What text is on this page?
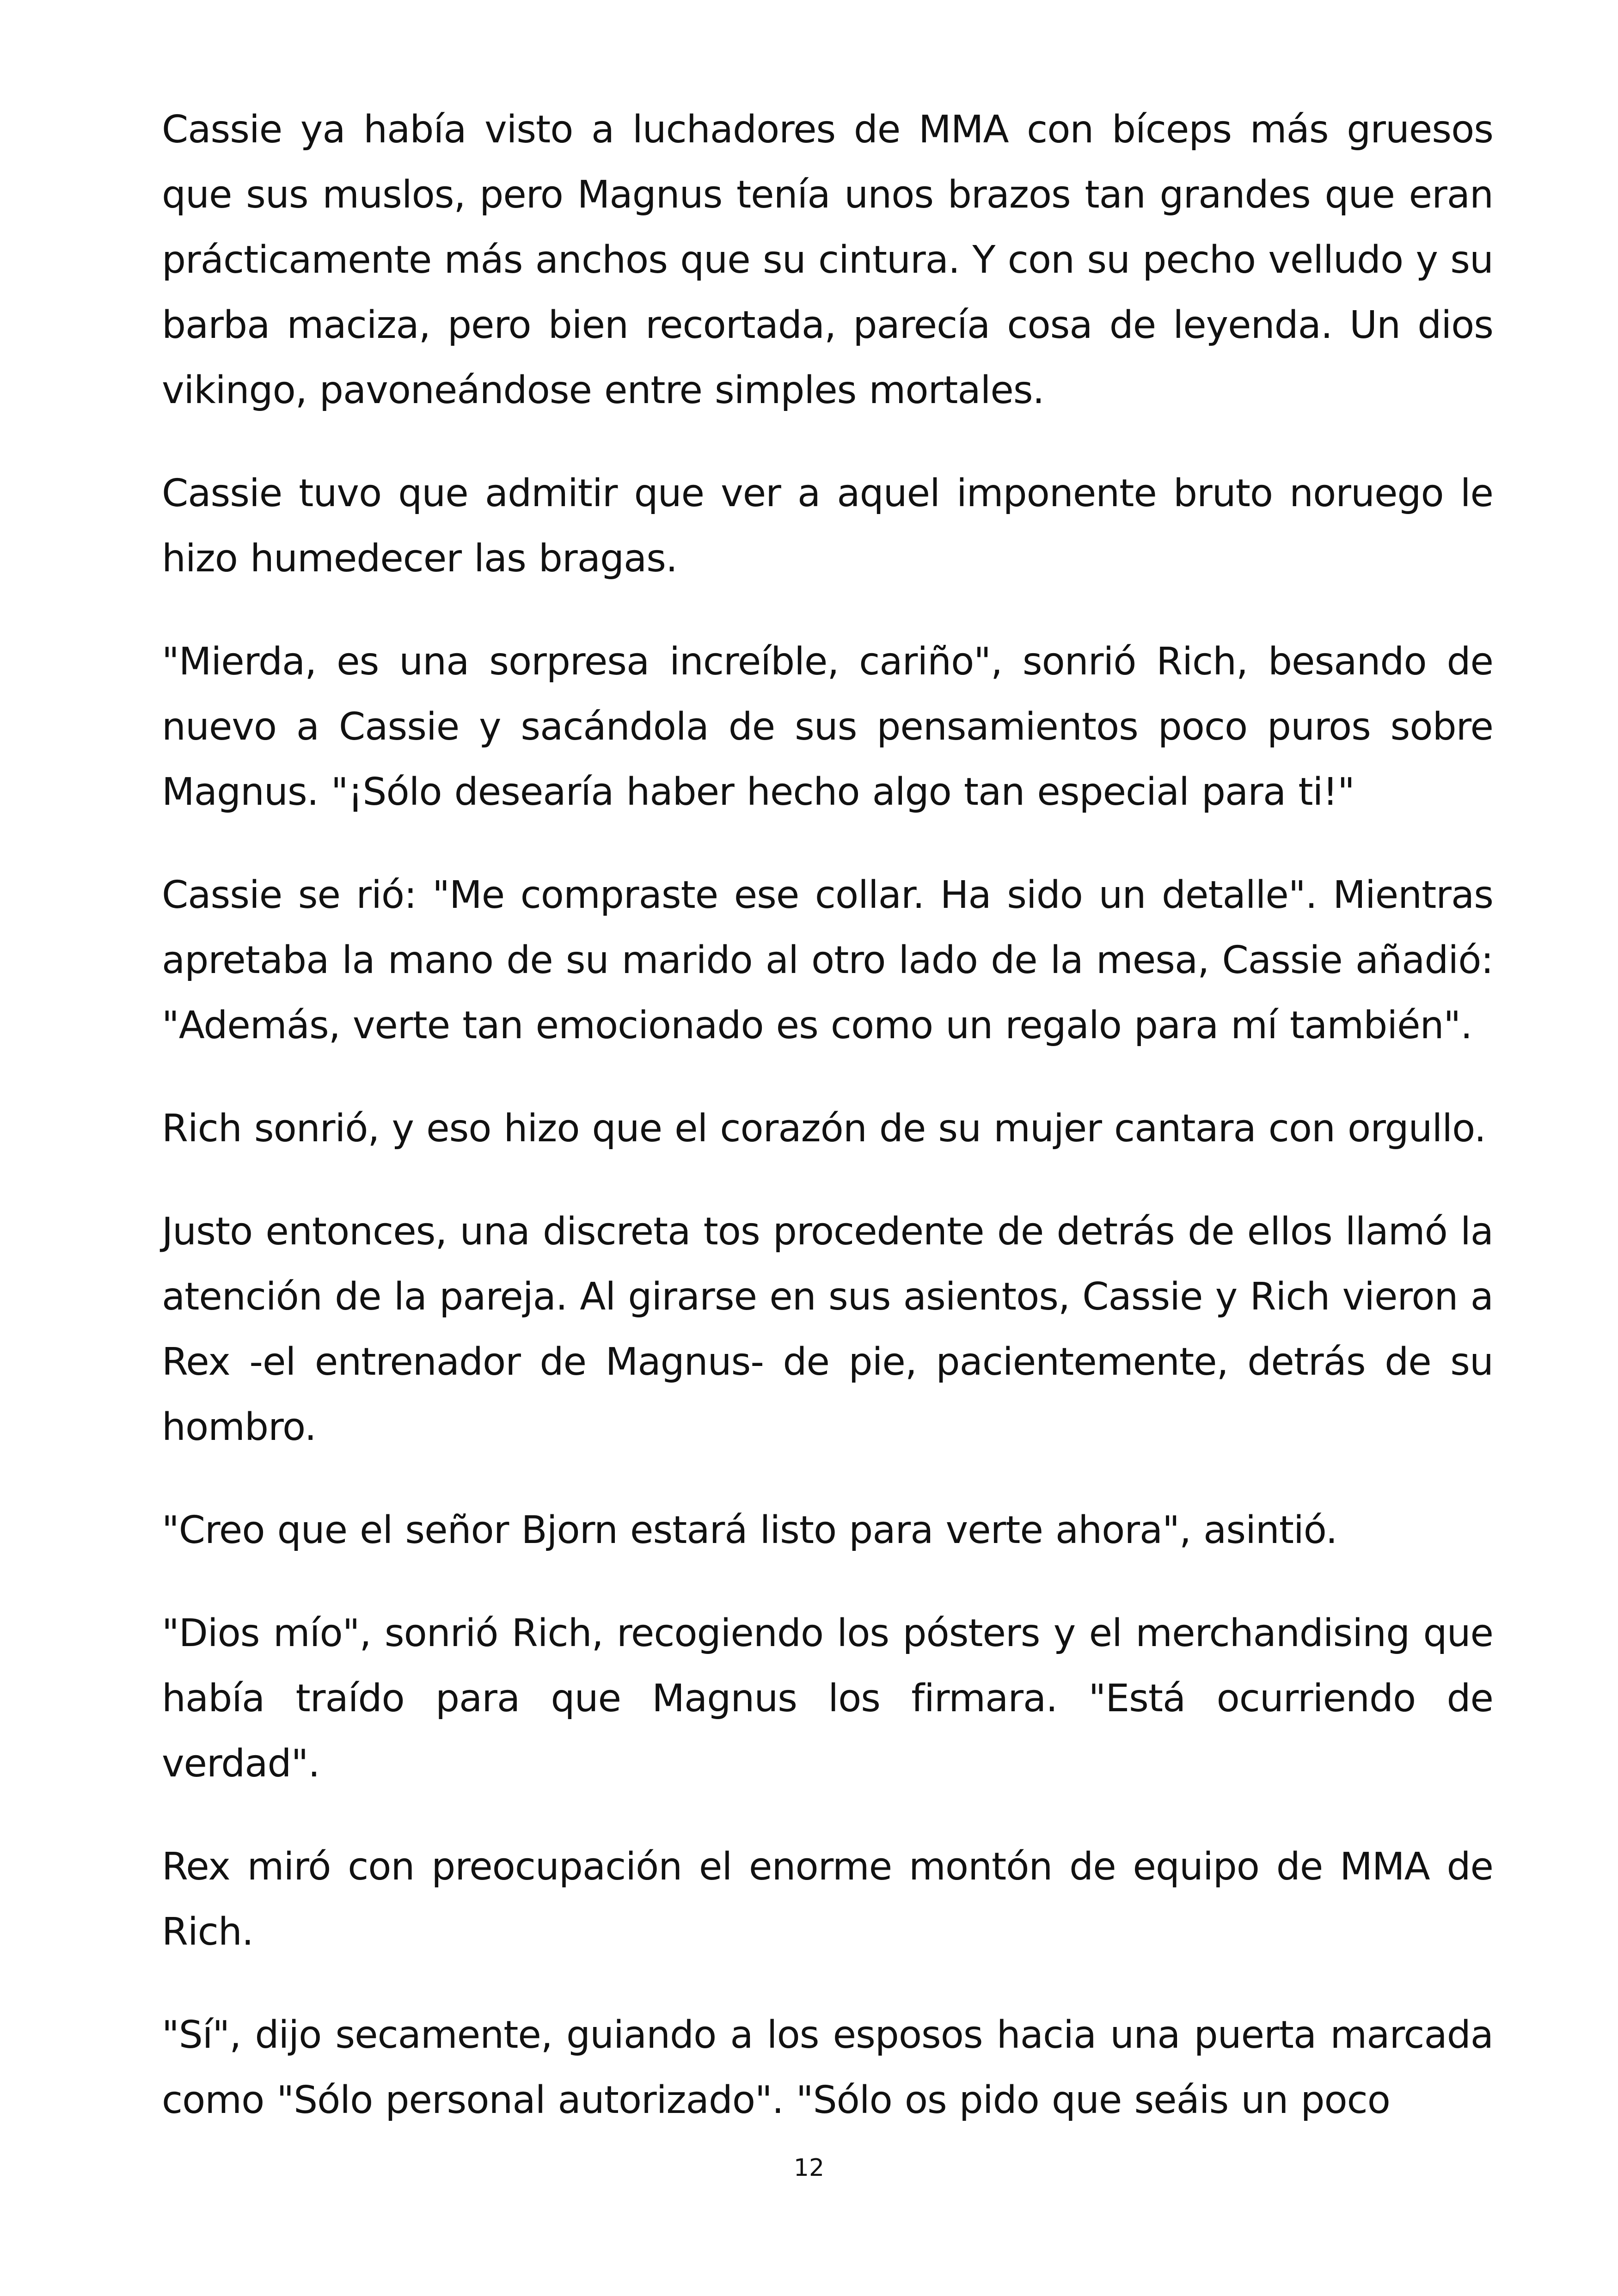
Cassie ya había visto a luchadores de MMA con bíceps más gruesos que sus muslos, pero Magnus tenía unos brazos tan grandes que eran prácticamente más anchos que su cintura. Y con su pecho velludo y su barba maciza, pero bien recortada, parecía cosa de leyenda. Un dios vikingo, pavoneándose entre simples mortales.

Cassie tuvo que admitir que ver a aquel imponente bruto noruego le hizo humedecer las bragas.

"Mierda, es una sorpresa increíble, cariño", sonrió Rich, besando de nuevo a Cassie y sacándola de sus pensamientos poco puros sobre Magnus. "¡Sólo desearía haber hecho algo tan especial para ti!"

Cassie se rió: "Me compraste ese collar. Ha sido un detalle". Mientras apretaba la mano de su marido al otro lado de la mesa, Cassie añadió: "Además, verte tan emocionado es como un regalo para mí también".

Rich sonrió, y eso hizo que el corazón de su mujer cantara con orgullo.

Justo entonces, una discreta tos procedente de detrás de ellos llamó la atención de la pareja. Al girarse en sus asientos, Cassie y Rich vieron a Rex -el entrenador de Magnus- de pie, pacientemente, detrás de su hombro.

"Creo que el señor Bjorn estará listo para verte ahora", asintió.

"Dios mío", sonrió Rich, recogiendo los pósters y el merchandising que había traído para que Magnus los firmara. "Está ocurriendo de verdad".

Rex miró con preocupación el enorme montón de equipo de MMA de Rich.

"Sí", dijo secamente, guiando a los esposos hacia una puerta marcada como "Sólo personal autorizado". "Sólo os pido que seáis un poco

12
